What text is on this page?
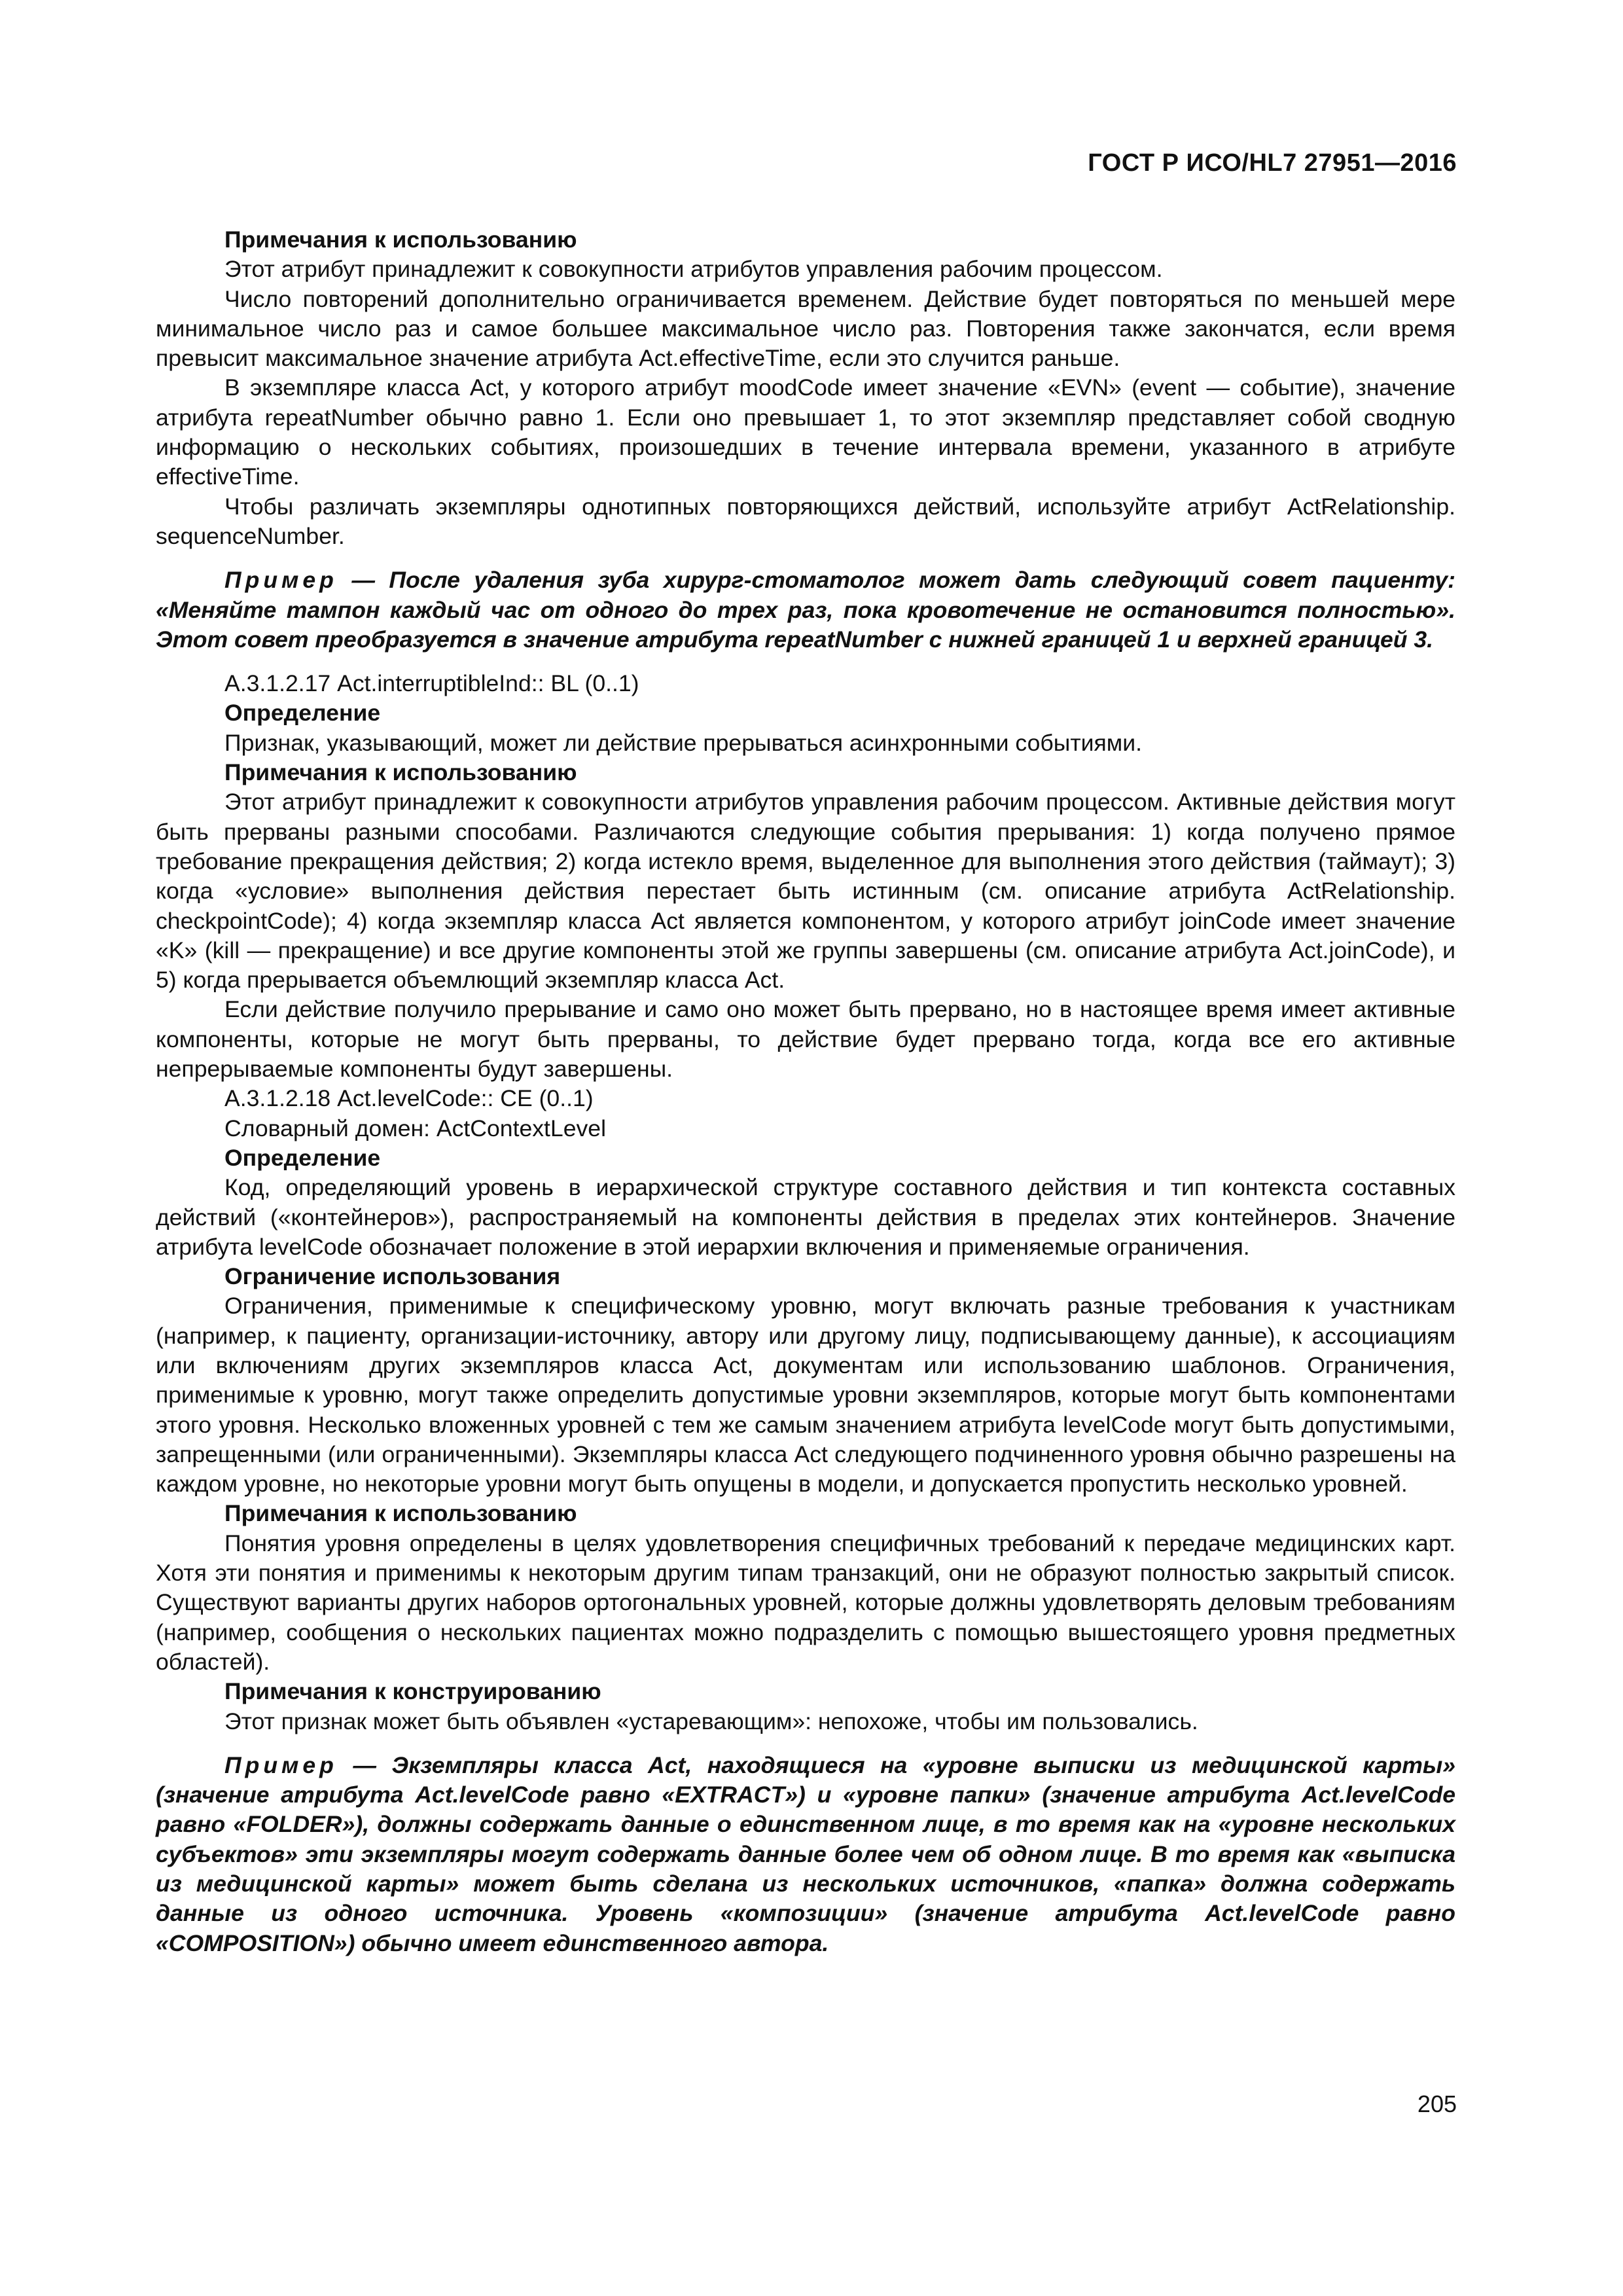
ГОСТ Р ИСО/HL7 27951—2016

Примечания к использованию

Этот атрибут принадлежит к совокупности атрибутов управления рабочим процессом.

Число повторений дополнительно ограничивается временем. Действие будет повторяться по меньшей мере минимальное число раз и самое большее максимальное число раз. Повторения также закончатся, если время превысит максимальное значение атрибута Act.effectiveTime, если это случится раньше.

В экземпляре класса Act, у которого атрибут moodCode имеет значение «EVN» (event — событие), значение атрибута repeatNumber обычно равно 1. Если оно превышает 1, то этот экземпляр представляет собой сводную информацию о нескольких событиях, произошедших в течение интервала времени, указанного в атрибуте effectiveTime.

Чтобы различать экземпляры однотипных повторяющихся действий, используйте атрибут ActRelationship. sequenceNumber.

Пример — После удаления зуба хирург-стоматолог может дать следующий совет пациенту: «Меняйте тампон каждый час от одного до трех раз, пока кровотечение не остановится полностью». Этот совет преобразуется в значение атрибута repeatNumber с нижней границей 1 и верхней границей 3.

А.3.1.2.17 Act.interruptibleInd:: BL (0..1)

Определение

Признак, указывающий, может ли действие прерываться асинхронными событиями.

Примечания к использованию

Этот атрибут принадлежит к совокупности атрибутов управления рабочим процессом. Активные действия могут быть прерваны разными способами. Различаются следующие события прерывания: 1) когда получено прямое требование прекращения действия; 2) когда истекло время, выделенное для выполнения этого действия (таймаут); 3) когда «условие» выполнения действия перестает быть истинным (см. описание атрибута ActRelationship. checkpointCode); 4) когда экземпляр класса Act является компонентом, у которого атрибут joinCode имеет значение «K» (kill — прекращение) и все другие компоненты этой же группы завершены (см. описание атрибута Act.joinCode), и 5) когда прерывается объемлющий экземпляр класса Act.

Если действие получило прерывание и само оно может быть прервано, но в настоящее время имеет активные компоненты, которые не могут быть прерваны, то действие будет прервано тогда, когда все его активные непрерываемые компоненты будут завершены.

А.3.1.2.18 Act.levelCode:: CE (0..1)

Словарный домен: ActContextLevel

Определение

Код, определяющий уровень в иерархической структуре составного действия и тип контекста составных действий («контейнеров»), распространяемый на компоненты действия в пределах этих контейнеров. Значение атрибута levelCode обозначает положение в этой иерархии включения и применяемые ограничения.

Ограничение использования

Ограничения, применимые к специфическому уровню, могут включать разные требования к участникам (например, к пациенту, организации-источнику, автору или другому лицу, подписывающему данные), к ассоциациям или включениям других экземпляров класса Act, документам или использованию шаблонов. Ограничения, применимые к уровню, могут также определить допустимые уровни экземпляров, которые могут быть компонентами этого уровня. Несколько вложенных уровней с тем же самым значением атрибута levelCode могут быть допустимыми, запрещенными (или ограниченными). Экземпляры класса Act следующего подчиненного уровня обычно разрешены на каждом уровне, но некоторые уровни могут быть опущены в модели, и допускается пропустить несколько уровней.

Примечания к использованию

Понятия уровня определены в целях удовлетворения специфичных требований к передаче медицинских карт. Хотя эти понятия и применимы к некоторым другим типам транзакций, они не образуют полностью закрытый список. Существуют варианты других наборов ортогональных уровней, которые должны удовлетворять деловым требованиям (например, сообщения о нескольких пациентах можно подразделить с помощью вышестоящего уровня предметных областей).

Примечания к конструированию

Этот признак может быть объявлен «устаревающим»: непохоже, чтобы им пользовались.

Пример — Экземпляры класса Act, находящиеся на «уровне выписки из медицинской карты» (значение атрибута Act.levelCode равно «EXTRACT») и «уровне папки» (значение атрибута Act.levelCode равно «FOLDER»), должны содержать данные о единственном лице, в то время как на «уровне нескольких субъектов» эти экземпляры могут содержать данные более чем об одном лице. В то время как «выписка из медицинской карты» может быть сделана из нескольких источников, «папка» должна содержать данные из одного источника. Уровень «композиции» (значение атрибута Act.levelCode равно «COMPOSITION») обычно имеет единственного автора.

205
